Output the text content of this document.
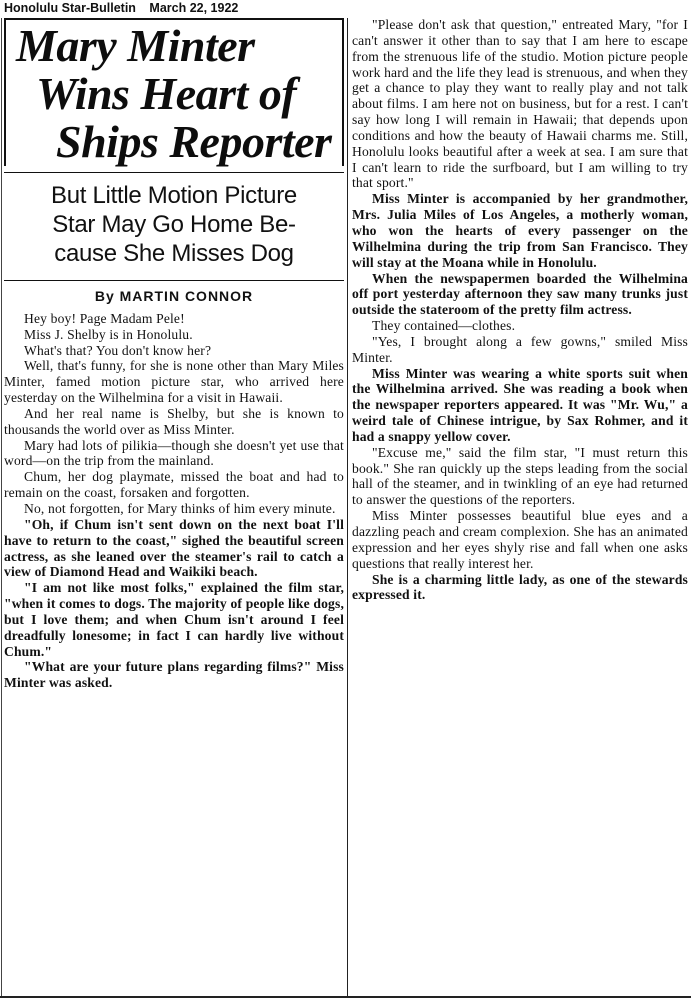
Honolulu Star-Bulletin March 22, 1922
Mary Minter
Wins Heart of
Ships Reporter
But Little Motion Picture
Star May Go Home Be-
cause She Misses Dog
By MARTIN CONNOR

Hey boy! Page Madam Pele!

Miss J. Shelby is in Honolulu.

What's that? You don't know her?

Well, that's funny, for she is none other than Mary Miles Minter, famed motion picture star, who arrived here yesterday on the Wilhelmina for a visit in Hawaii.

And her real name is Shelby, but she is known to thousands the world over as Miss Minter.

Mary had lots of pilikia—though she doesn't yet use that word—on the trip from the mainland.

Chum, her dog playmate, missed the boat and had to remain on the coast, forsaken and forgotten.

No, not forgotten, for Mary thinks of him every minute.

"Oh, if Chum isn't sent down on the next boat I'll have to return to the coast," sighed the beautiful screen actress, as she leaned over the steamer's rail to catch a view of Diamond Head and Waikiki beach.

"I am not like most folks," explained the film star, "when it comes to dogs. The majority of people like dogs, but I love them; and when Chum isn't around I feel dreadfully lonesome; in fact I can hardly live without Chum."

"What are your future plans regarding films?" Miss Minter was asked.

"Please don't ask that question," entreated Mary, "for I can't answer it other than to say that I am here to escape from the strenuous life of the studio. Motion picture people work hard and the life they lead is strenuous, and when they get a chance to play they want to really play and not talk about films. I am here not on business, but for a rest. I can't say how long I will remain in Hawaii; that depends upon conditions and how the beauty of Hawaii charms me. Still, Honolulu looks beautiful after a week at sea. I am sure that I can't learn to ride the surfboard, but I am willing to try that sport."

Miss Minter is accompanied by her grandmother, Mrs. Julia Miles of Los Angeles, a motherly woman, who won the hearts of every passenger on the Wilhelmina during the trip from San Francisco. They will stay at the Moana while in Honolulu.

When the newspapermen boarded the Wilhelmina off port yesterday afternoon they saw many trunks just outside the stateroom of the pretty film actress.

They contained—clothes.

"Yes, I brought along a few gowns," smiled Miss Minter.

Miss Minter was wearing a white sports suit when the Wilhelmina arrived. She was reading a book when the newspaper reporters appeared. It was "Mr. Wu," a weird tale of Chinese intrigue, by Sax Rohmer, and it had a snappy yellow cover.

"Excuse me," said the film star, "I must return this book." She ran quickly up the steps leading from the social hall of the steamer, and in twinkling of an eye had returned to answer the questions of the reporters.

Miss Minter possesses beautiful blue eyes and a dazzling peach and cream complexion. She has an animated expression and her eyes shyly rise and fall when one asks questions that really interest her.

She is a charming little lady, as one of the stewards expressed it.
